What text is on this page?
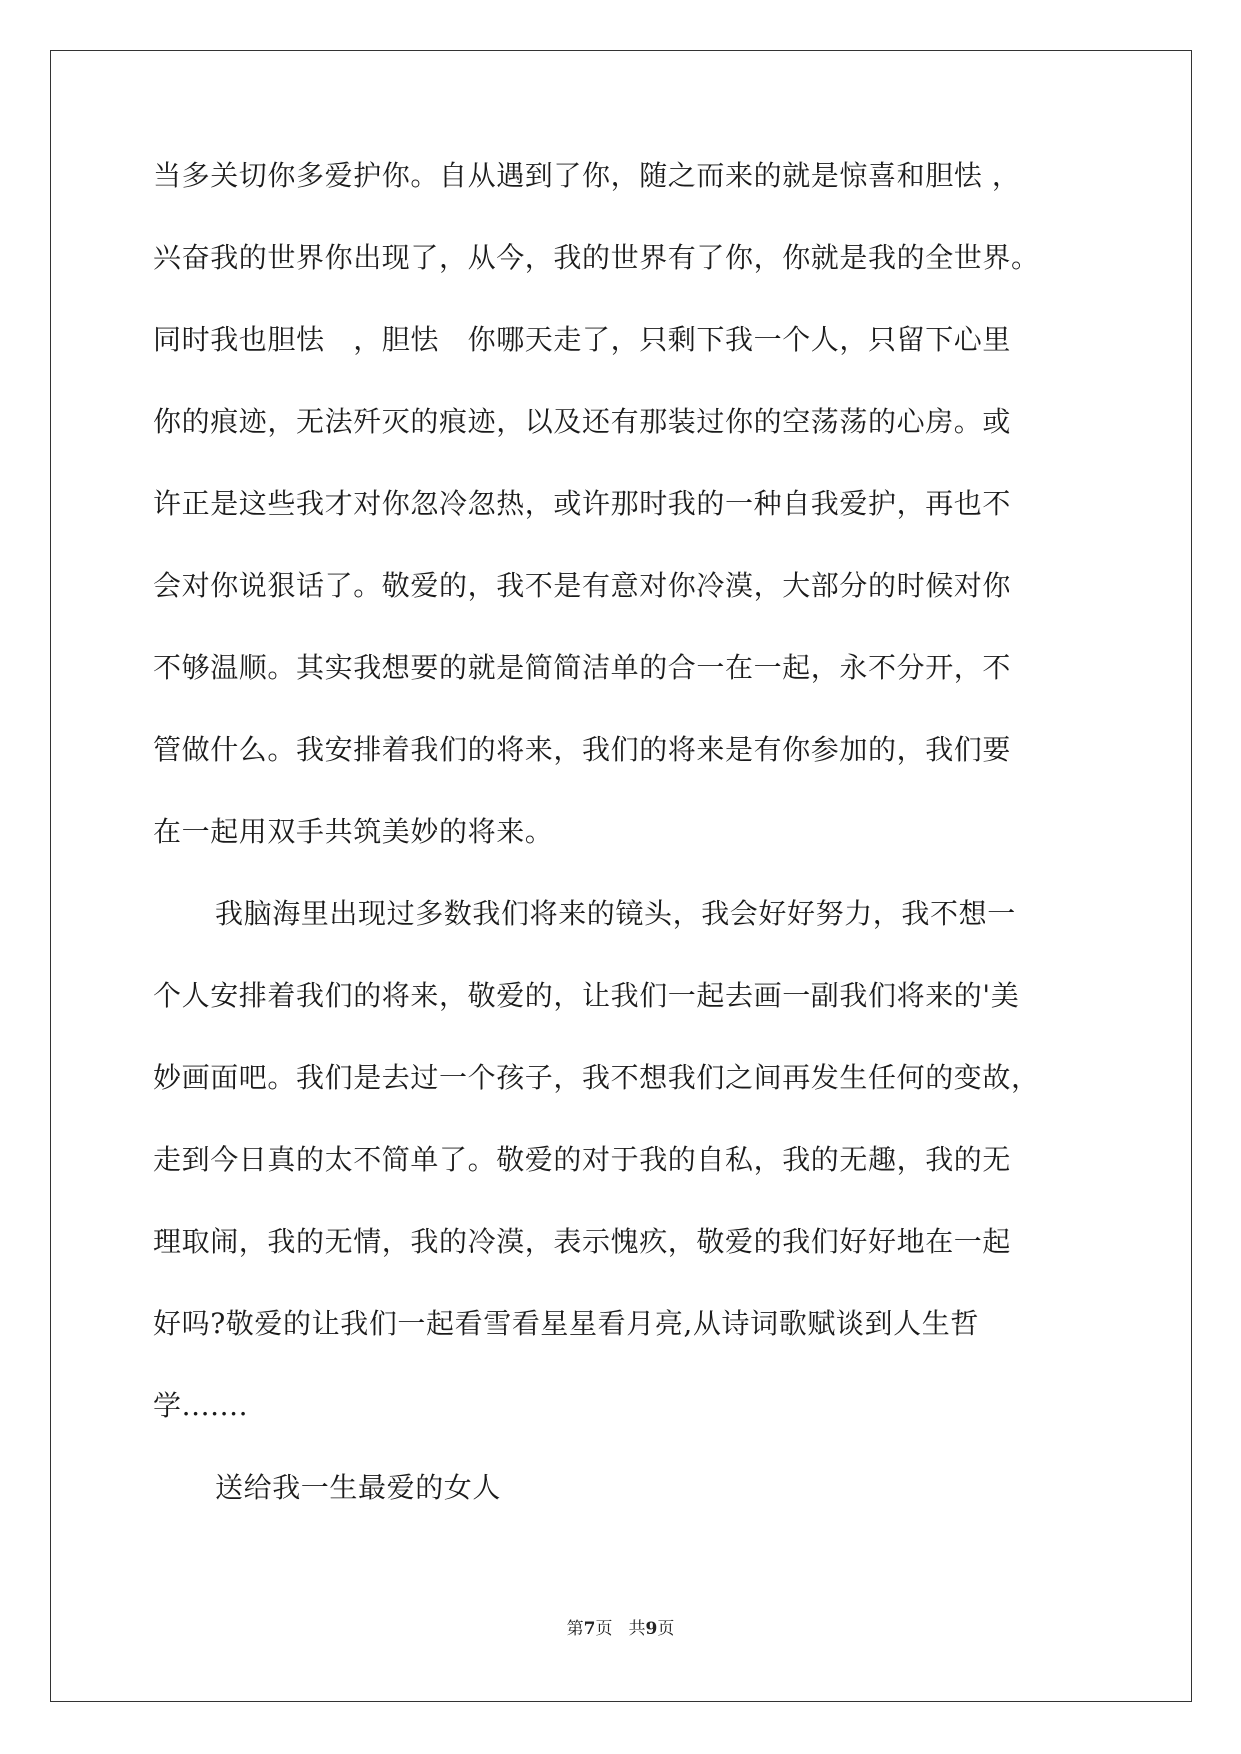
当多关切你多爱护你。自从遇到了你，随之而来的就是惊喜和胆怯 ，
兴奋我的世界你出现了，从今，我的世界有了你，你就是我的全世界。
同时我也胆怯　，胆怯　你哪天走了，只剩下我一个人，只留下心里
你的痕迹，无法歼灭的痕迹，以及还有那装过你的空荡荡的心房。或
许正是这些我才对你忽冷忽热，或许那时我的一种自我爱护，再也不
会对你说狠话了。敬爱的，我不是有意对你冷漠，大部分的时候对你
不够温顺。其实我想要的就是简简洁单的合一在一起，永不分开，不
管做什么。我安排着我们的将来，我们的将来是有你参加的，我们要
在一起用双手共筑美妙的将来。
我脑海里出现过多数我们将来的镜头，我会好好努力，我不想一
个人安排着我们的将来，敬爱的，让我们一起去画一副我们将来的'美
妙画面吧。我们是去过一个孩子，我不想我们之间再发生任何的变故，
走到今日真的太不简单了。敬爱的对于我的自私，我的无趣，我的无
理取闹，我的无情，我的冷漠，表示愧疚，敬爱的我们好好地在一起
好吗?敬爱的让我们一起看雪看星星看月亮,从诗词歌赋谈到人生哲
学.......
送给我一生最爱的女人
第7页 共9页
